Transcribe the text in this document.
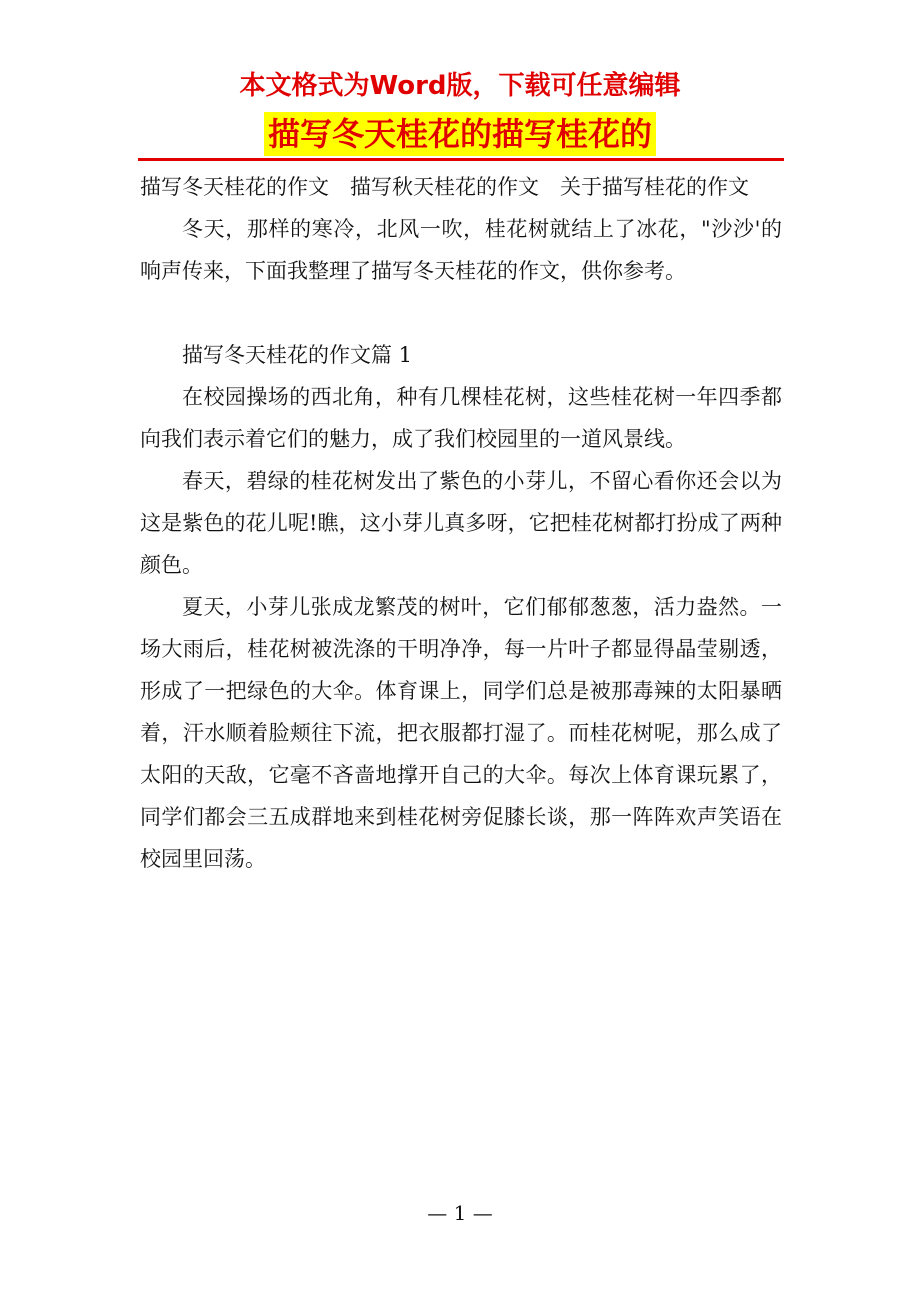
本文格式为Word版，下载可任意编辑

描写冬天桂花的描写桂花的

描写冬天桂花的作文　描写秋天桂花的作文　关于描写桂花的作文

冬天，那样的寒冷，北风一吹，桂花树就结上了冰花，"沙沙'的响声传来，下面我整理了描写冬天桂花的作文，供你参考。

描写冬天桂花的作文篇 1

在校园操场的西北角，种有几棵桂花树，这些桂花树一年四季都向我们表示着它们的魅力，成了我们校园里的一道风景线。

春天，碧绿的桂花树发出了紫色的小芽儿，不留心看你还会以为这是紫色的花儿呢!瞧，这小芽儿真多呀，它把桂花树都打扮成了两种颜色。

夏天，小芽儿张成龙繁茂的树叶，它们郁郁葱葱，活力盎然。一场大雨后，桂花树被洗涤的干明净净，每一片叶子都显得晶莹剔透，形成了一把绿色的大伞。体育课上，同学们总是被那毒辣的太阳暴晒着，汗水顺着脸颊往下流，把衣服都打湿了。而桂花树呢，那么成了太阳的天敌，它毫不吝啬地撑开自己的大伞。每次上体育课玩累了，同学们都会三五成群地来到桂花树旁促膝长谈，那一阵阵欢声笑语在校园里回荡。

— 1 —
